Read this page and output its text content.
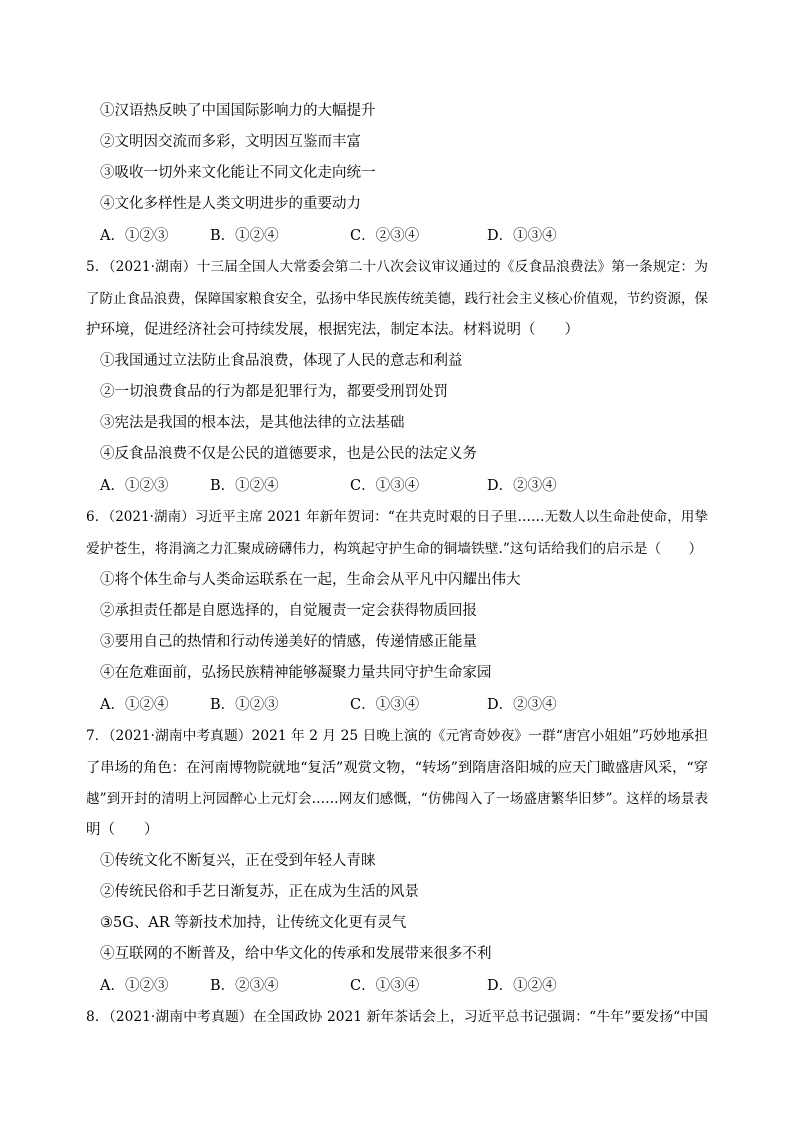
①汉语热反映了中国国际影响力的大幅提升
②文明因交流而多彩，文明因互鉴而丰富
③吸收一切外来文化能让不同文化走向统一
④文化多样性是人类文明进步的重要动力
A．①②③	B．①②④	C．②③④	D．①③④
5．（2021·湖南）十三届全国人大常委会第二十八次会议审议通过的《反食品浪费法》第一条规定：为
了防止食品浪费，保障国家粮食安全，弘扬中华民族传统美德，践行社会主义核心价值观，节约资源，保
护环境，促进经济社会可持续发展，根据宪法，制定本法。材料说明（　　）
①我国通过立法防止食品浪费，体现了人民的意志和利益
②一切浪费食品的行为都是犯罪行为，都要受刑罚处罚
③宪法是我国的根本法，是其他法律的立法基础
④反食品浪费不仅是公民的道德要求，也是公民的法定义务
A．①②③	B．①②④	C．①③④	D．②③④
6．（2021·湖南）习近平主席 2021 年新年贺词：“在共克时艰的日子里……无数人以生命赴使命，用挚
爱护苍生，将涓滴之力汇聚成磅礴伟力，构筑起守护生命的铜墙铁壁.”这句话给我们的启示是（　　）
①将个体生命与人类命运联系在一起，生命会从平凡中闪耀出伟大
②承担责任都是自愿选择的，自觉履责一定会获得物质回报
③要用自己的热情和行动传递美好的情感，传递情感正能量
④在危难面前，弘扬民族精神能够凝聚力量共同守护生命家园
A．①②④	B．①②③	C．①③④	D．②③④
7．（2021·湖南中考真题）2021 年 2 月 25 日晚上演的《元宵奇妙夜》一群“唐宫小姐姐”巧妙地承担
了串场的角色：在河南博物院就地“复活”观赏文物，“转场”到隋唐洛阳城的应天门瞰盛唐风采，“穿
越”到开封的清明上河园醉心上元灯会……网友们感慨，“仿佛闯入了一场盛唐繁华旧梦”。这样的场景表
明（　　）
①传统文化不断复兴，正在受到年轻人青睐
②传统民俗和手艺日渐复苏，正在成为生活的风景
③5G、AR 等新技术加持，让传统文化更有灵气
④互联网的不断普及，给中华文化的传承和发展带来很多不利
A．①②③	B．②③④	C．①③④	D．①②④
8．（2021·湖南中考真题）在全国政协 2021 新年茶话会上，习近平总书记强调：“牛年”要发扬“中国
